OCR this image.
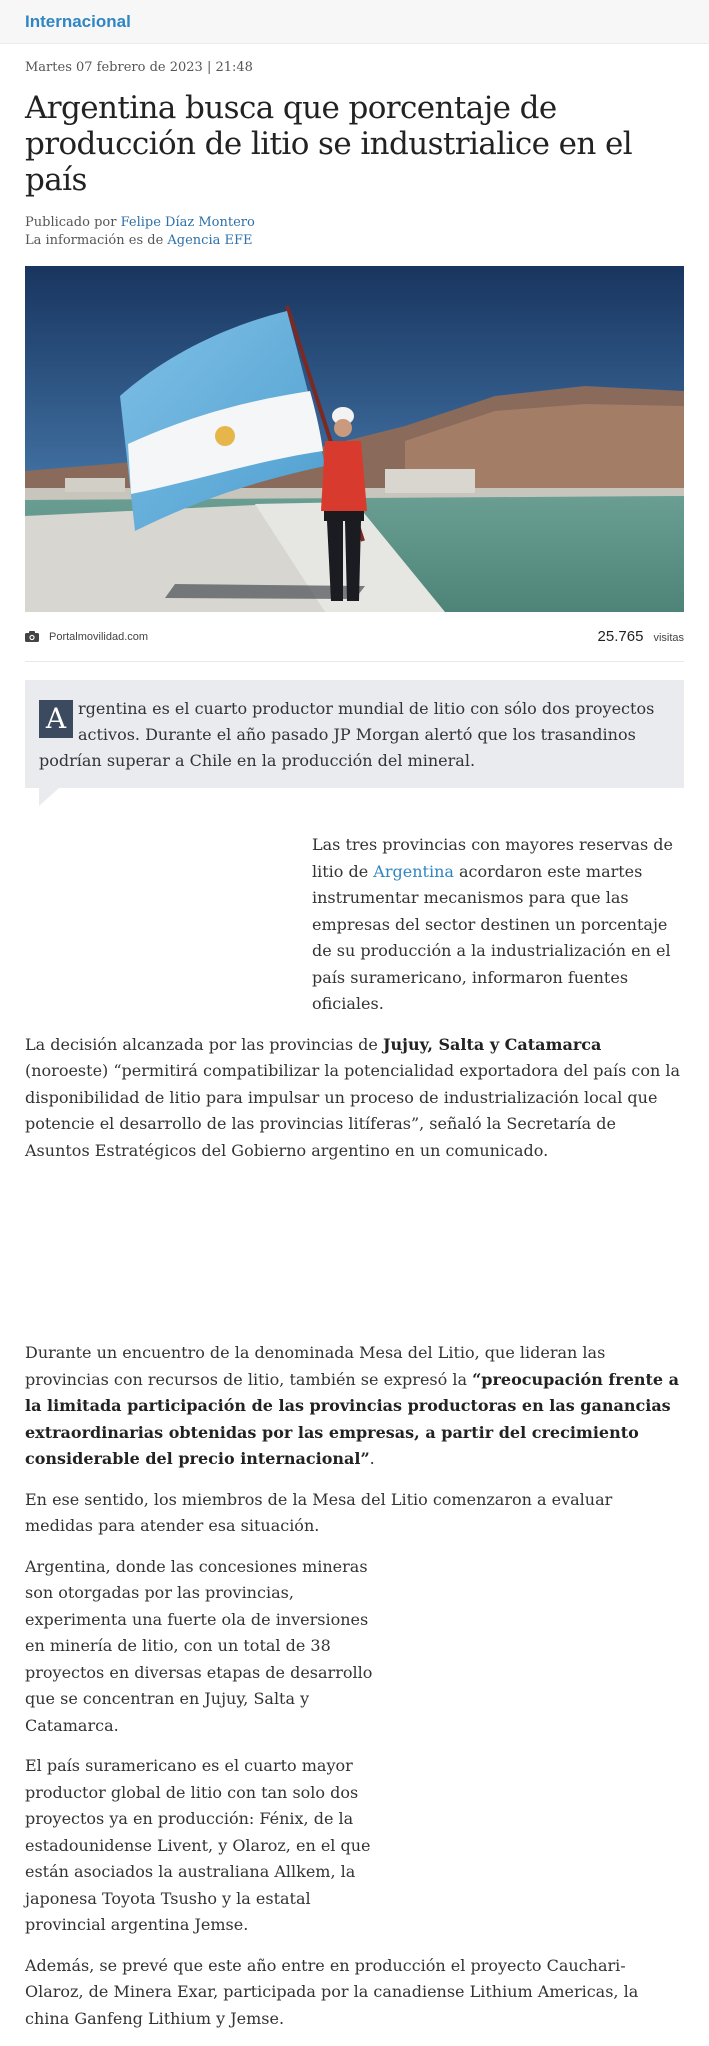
Internacional
Martes 07 febrero de 2023 | 21:48
Argentina busca que porcentaje de producción de litio se industrialice en el país
Publicado por Felipe Díaz Montero
La información es de Agencia EFE
Portalmovilidad.com	25.765 visitas
A rgentina es el cuarto productor mundial de litio con sólo dos proyectos activos. Durante el año pasado JP Morgan alertó que los trasandinos podrían superar a Chile en la producción del mineral.

Las tres provincias con mayores reservas de litio de Argentina acordaron este martes instrumentar mecanismos para que las empresas del sector destinen un porcentaje de su producción a la industrialización en el país suramericano, informaron fuentes oficiales.

La decisión alcanzada por las provincias de Jujuy, Salta y Catamarca (noroeste) “permitirá compatibilizar la potencialidad exportadora del país con la disponibilidad de litio para impulsar un proceso de industrialización local que potencie el desarrollo de las provincias litíferas”, señaló la Secretaría de Asuntos Estratégicos del Gobierno argentino en un comunicado.

Durante un encuentro de la denominada Mesa del Litio, que lideran las provincias con recursos de litio, también se expresó la “preocupación frente a la limitada participación de las provincias productoras en las ganancias extraordinarias obtenidas por las empresas, a partir del crecimiento considerable del precio internacional”.

En ese sentido, los miembros de la Mesa del Litio comenzaron a evaluar medidas para atender esa situación.

Argentina, donde las concesiones mineras son otorgadas por las provincias, experimenta una fuerte ola de inversiones en minería de litio, con un total de 38 proyectos en diversas etapas de desarrollo que se concentran en Jujuy, Salta y Catamarca.

El país suramericano es el cuarto mayor productor global de litio con tan solo dos proyectos ya en producción: Fénix, de la estadounidense Livent, y Olaroz, en el que están asociados la australiana Allkem, la japonesa Toyota Tsusho y la estatal provincial argentina Jemse.

Además, se prevé que este año entre en producción el proyecto Cauchari-Olaroz, de Minera Exar, participada por la canadiense Lithium Americas, la china Ganfeng Lithium y Jemse.
